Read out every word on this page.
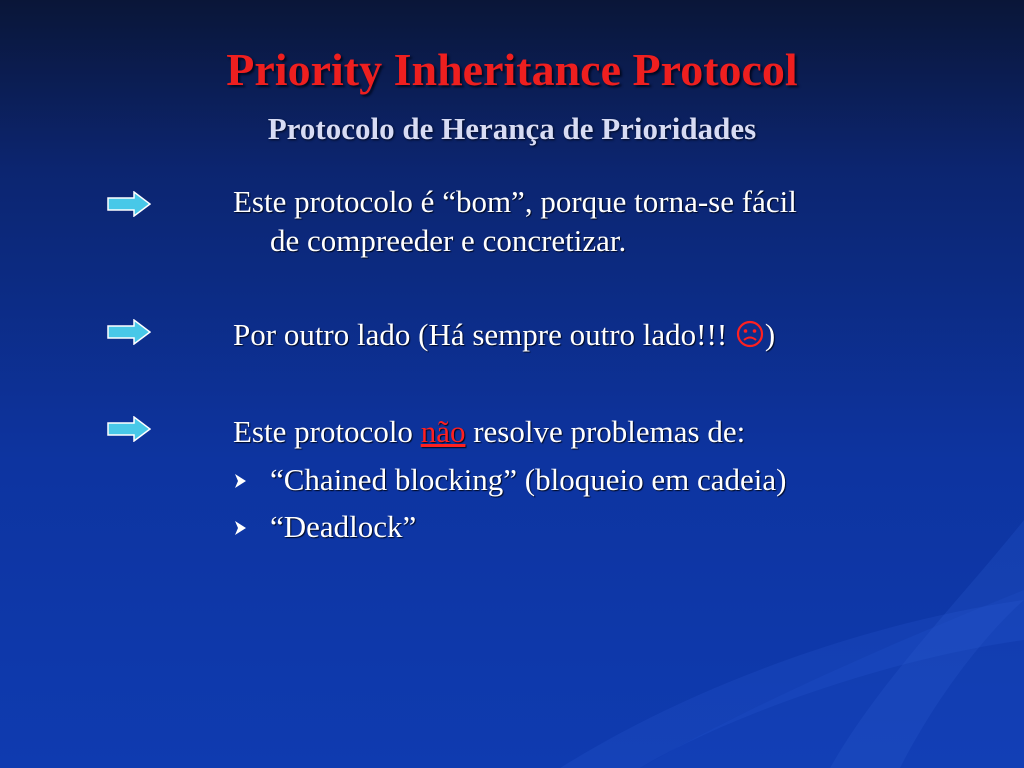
Priority Inheritance Protocol
Protocolo de Herança de Prioridades
Este protocolo é “bom”, porque torna-se fácil
de compreeder e concretizar.
Por outro lado (Há sempre outro lado!!! )
Este protocolo não resolve problemas de:
“Chained blocking” (bloqueio em cadeia)
“Deadlock”
